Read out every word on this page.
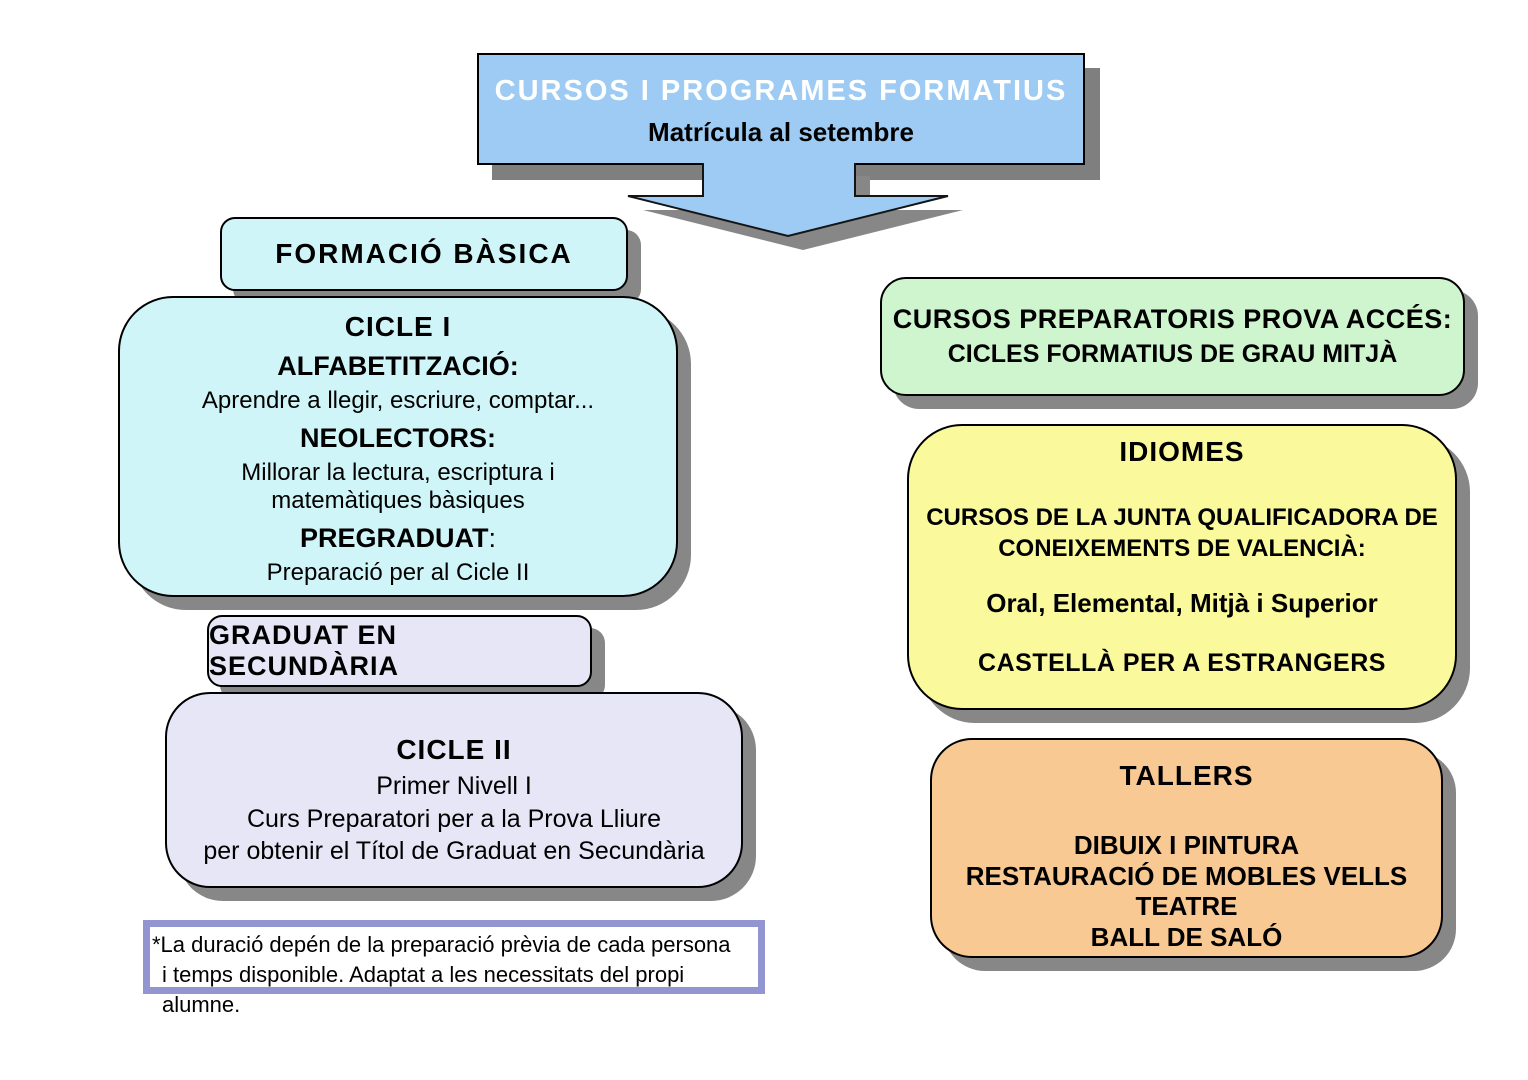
CURSOS I PROGRAMES FORMATIUS
Matrícula al setembre
FORMACIÓ BÀSICA
CICLE I
ALFABETITZACIÓ:
Aprendre a llegir, escriure, comptar...
NEOLECTORS:
Millorar la lectura, escriptura i
matemàtiques bàsiques
PREGRADUAT:
Preparació per al Cicle II
GRADUAT EN SECUNDÀRIA
CICLE II
Primer Nivell I
Curs Preparatori per a la Prova Lliure
per obtenir el Títol de Graduat en Secundària
*La duració depén de la preparació prèvia de cada persona
i temps disponible. Adaptat a les necessitats del propi alumne.
CURSOS PREPARATORIS PROVA ACCÉS:
CICLES FORMATIUS DE GRAU MITJÀ
IDIOMES
CURSOS DE LA JUNTA QUALIFICADORA DE
CONEIXEMENTS DE VALENCIÀ:
Oral, Elemental, Mitjà i Superior
CASTELLÀ PER A ESTRANGERS
TALLERS
DIBUIX I PINTURA
RESTAURACIÓ DE MOBLES VELLS
TEATRE
BALL DE SALÓ
